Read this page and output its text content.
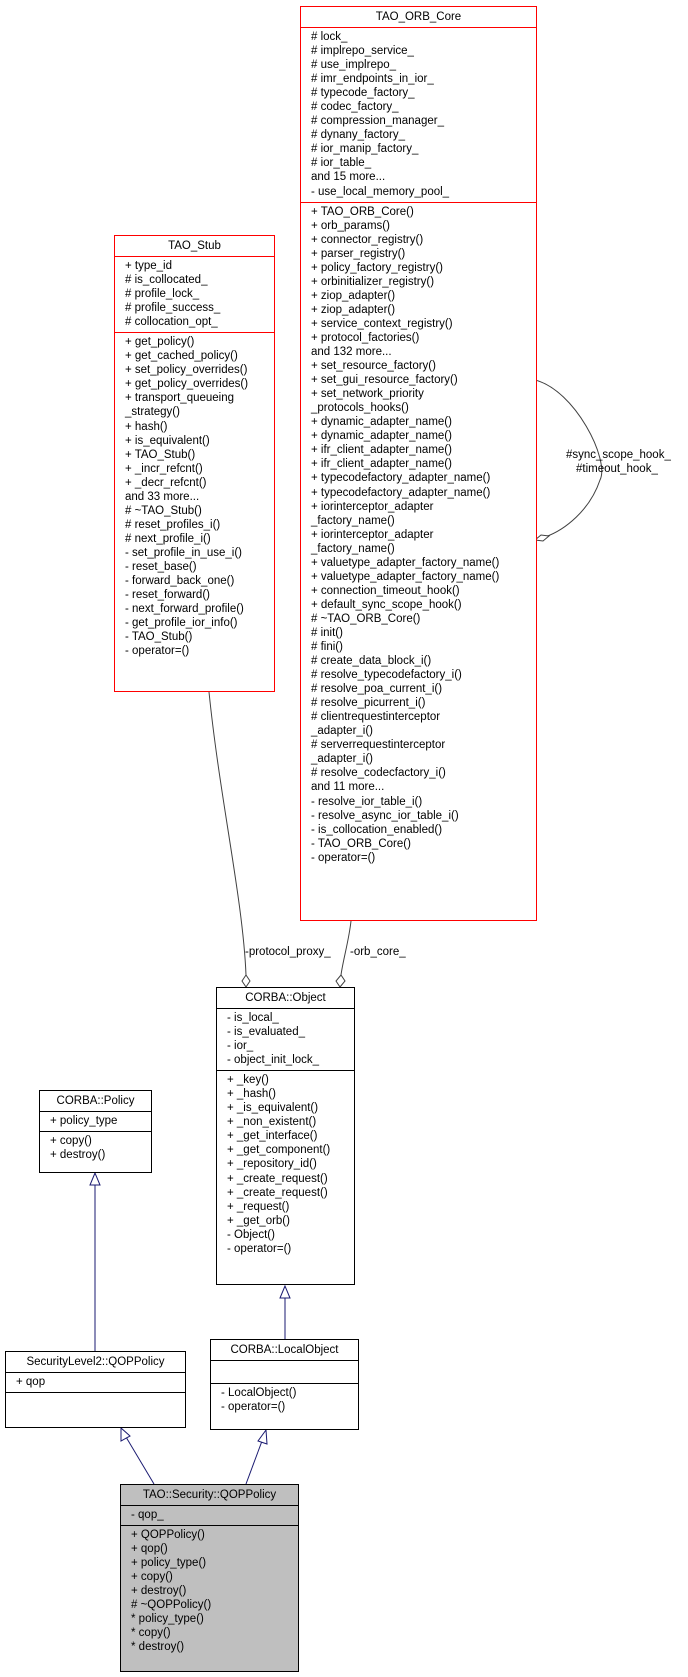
-protocol_proxy_ -orb_core_
#sync_scope_hook_
#timeout_hook_
TAO_ORB_Core
# lock_
# implrepo_service_
# use_implrepo_
# imr_endpoints_in_ior_
# typecode_factory_
# codec_factory_
# compression_manager_
# dynany_factory_
# ior_manip_factory_
# ior_table_
and 15 more...
- use_local_memory_pool_
+ TAO_ORB_Core()
+ orb_params()
+ connector_registry()
+ parser_registry()
+ policy_factory_registry()
+ orbinitializer_registry()
+ ziop_adapter()
+ ziop_adapter()
+ service_context_registry()
+ protocol_factories()
and 132 more...
+ set_resource_factory()
+ set_gui_resource_factory()
+ set_network_priority
_protocols_hooks()
+ dynamic_adapter_name()
+ dynamic_adapter_name()
+ ifr_client_adapter_name()
+ ifr_client_adapter_name()
+ typecodefactory_adapter_name()
+ typecodefactory_adapter_name()
+ iorinterceptor_adapter
_factory_name()
+ iorinterceptor_adapter
_factory_name()
+ valuetype_adapter_factory_name()
+ valuetype_adapter_factory_name()
+ connection_timeout_hook()
+ default_sync_scope_hook()
# ~TAO_ORB_Core()
# init()
# fini()
# create_data_block_i()
# resolve_typecodefactory_i()
# resolve_poa_current_i()
# resolve_picurrent_i()
# clientrequestinterceptor
_adapter_i()
# serverrequestinterceptor
_adapter_i()
# resolve_codecfactory_i()
and 11 more...
- resolve_ior_table_i()
- resolve_async_ior_table_i()
- is_collocation_enabled()
- TAO_ORB_Core()
- operator=()
TAO_Stub
+ type_id
# is_collocated_
# profile_lock_
# profile_success_
# collocation_opt_
+ get_policy()
+ get_cached_policy()
+ set_policy_overrides()
+ get_policy_overrides()
+ transport_queueing
_strategy()
+ hash()
+ is_equivalent()
+ TAO_Stub()
+ _incr_refcnt()
+ _decr_refcnt()
and 33 more...
# ~TAO_Stub()
# reset_profiles_i()
# next_profile_i()
- set_profile_in_use_i()
- reset_base()
- forward_back_one()
- reset_forward()
- next_forward_profile()
- get_profile_ior_info()
- TAO_Stub()
- operator=()
CORBA::Object
- is_local_
- is_evaluated_
- ior_
- object_init_lock_
+ _key()
+ _hash()
+ _is_equivalent()
+ _non_existent()
+ _get_interface()
+ _get_component()
+ _repository_id()
+ _create_request()
+ _create_request()
+ _request()
+ _get_orb()
- Object()
- operator=()
CORBA::Policy
+ policy_type
+ copy()
+ destroy()
SecurityLevel2::QOPPolicy
+ qop
CORBA::LocalObject
- LocalObject()
- operator=()
TAO::Security::QOPPolicy
- qop_
+ QOPPolicy()
+ qop()
+ policy_type()
+ copy()
+ destroy()
# ~QOPPolicy()
* policy_type()
* copy()
* destroy()
